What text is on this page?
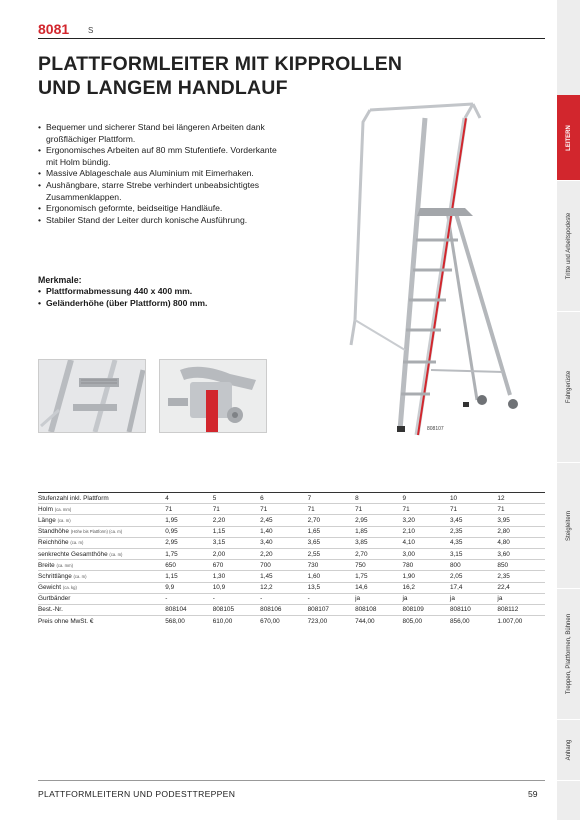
8081 S
PLATTFORMLEITER MIT KIPPROLLEN
UND LANGEM HANDLAUF
• Bequemer und sicherer Stand bei längeren Arbeiten dank großflächiger Plattform.
• Ergonomisches Arbeiten auf 80 mm Stufentiefe. Vorderkante mit Holm bündig.
• Massive Ablageschale aus Aluminium mit Eimerhaken.
• Aushängbare, starre Strebe verhindert unbeabsichtigtes Zusammenklappen.
• Ergonomisch geformte, beidseitige Handläufe.
• Stabiler Stand der Leiter durch konische Ausführung.
Merkmale:
• Plattformabmessung 440 x 400 mm.
• Geländerhöhe (über Plattform) 800 mm.
808107
Stufenzahl inkl. Plattform	4	5	6	7	8	9	10	12
Holm (ca. mm)	71	71	71	71	71	71	71	71
Länge (ca. m)	1,95	2,20	2,45	2,70	2,95	3,20	3,45	3,95
Standhöhe (Höhe bis Plattform) (ca. m)	0,95	1,15	1,40	1,65	1,85	2,10	2,35	2,80
Reichhöhe (ca. m)	2,95	3,15	3,40	3,65	3,85	4,10	4,35	4,80
senkrechte Gesamthöhe (ca. m)	1,75	2,00	2,20	2,55	2,70	3,00	3,15	3,60
Breite (ca. mm)	650	670	700	730	750	780	800	850
Schrittlänge (ca. m)	1,15	1,30	1,45	1,60	1,75	1,90	2,05	2,35
Gewicht (ca. kg)	9,9	10,9	12,2	13,5	14,6	16,2	17,4	22,4
Gurtbänder	-	-	-	-	ja	ja	ja	ja
Best.-Nr.	808104	808105	808106	808107	808108	808109	808110	808112
Preis ohne MwSt. €	568,00	610,00	670,00	723,00	744,00	805,00	856,00	1.007,00
LEITERN
Tritte und Arbeitspodeste
Fahrgerüste
Steigleitern
Treppen, Plattformen, Bühnen
Anhang
PLATTFORMLEITERN UND PODESTTREPPEN	59
